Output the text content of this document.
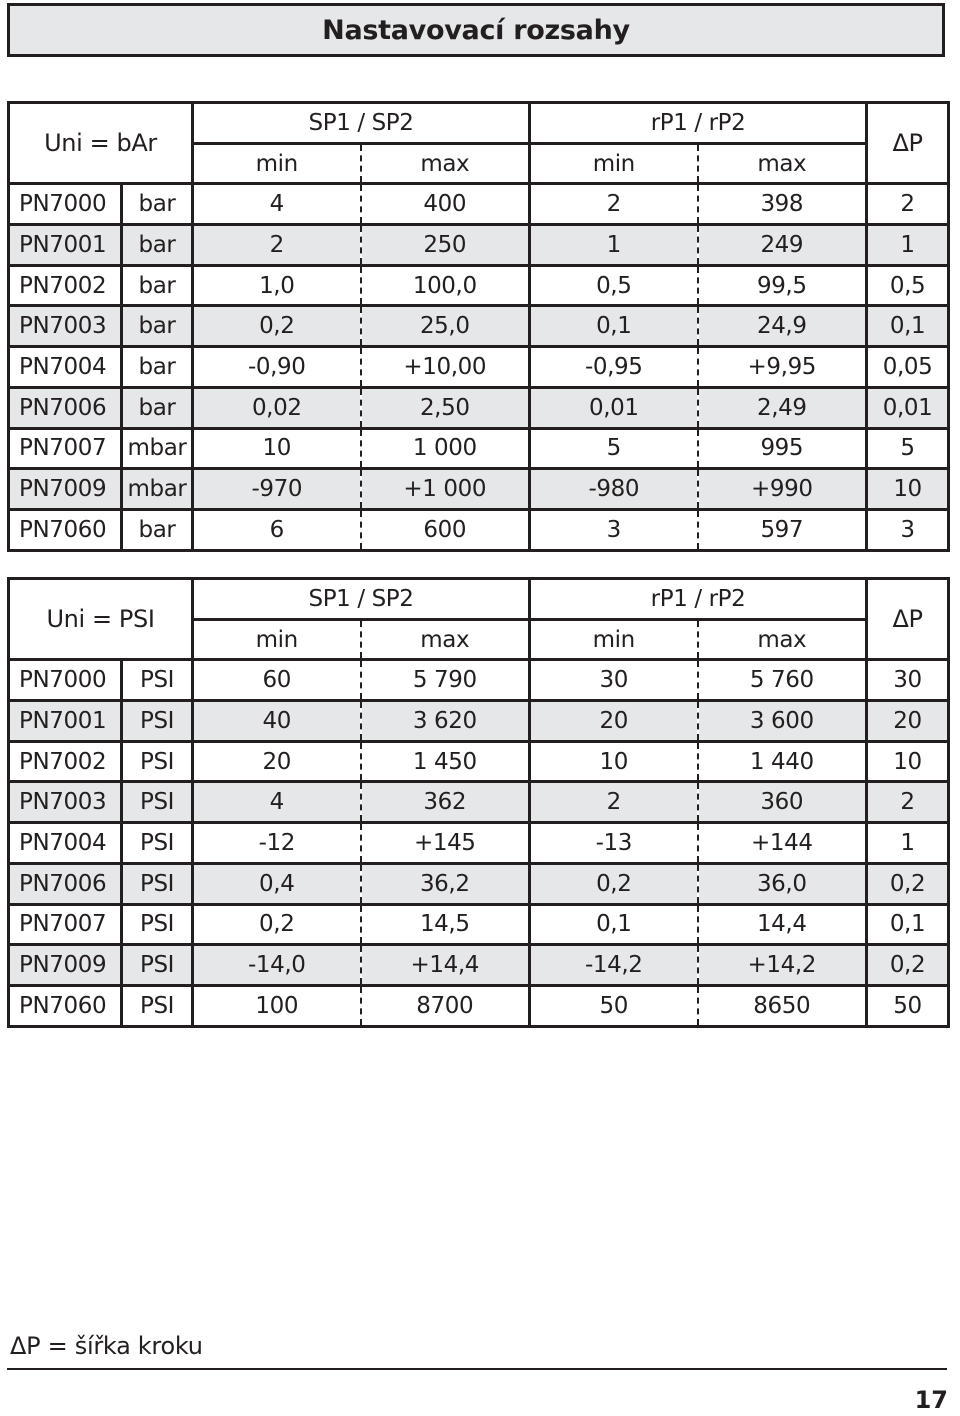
Nastavovací rozsahy
Uni = bAr		SP1 / SP2		rP1 / rP2		ΔP
		min	max	min	max	
PN7000	bar	4	400	2	398	2
PN7001	bar	2	250	1	249	1
PN7002	bar	1,0	100,0	0,5	99,5	0,5
PN7003	bar	0,2	25,0	0,1	24,9	0,1
PN7004	bar	-0,90	+10,00	-0,95	+9,95	0,05
PN7006	bar	0,02	2,50	0,01	2,49	0,01
PN7007	mbar	10	1 000	5	995	5
PN7009	mbar	-970	+1 000	-980	+990	10
PN7060	bar	6	600	3	597	3
Uni = PSI		SP1 / SP2		rP1 / rP2		ΔP
		min	max	min	max	
PN7000	PSI	60	5 790	30	5 760	30
PN7001	PSI	40	3 620	20	3 600	20
PN7002	PSI	20	1 450	10	1 440	10
PN7003	PSI	4	362	2	360	2
PN7004	PSI	-12	+145	-13	+144	1
PN7006	PSI	0,4	36,2	0,2	36,0	0,2
PN7007	PSI	0,2	14,5	0,1	14,4	0,1
PN7009	PSI	-14,0	+14,4	-14,2	+14,2	0,2
PN7060	PSI	100	8700	50	8650	50
ΔP = šířka kroku
17
